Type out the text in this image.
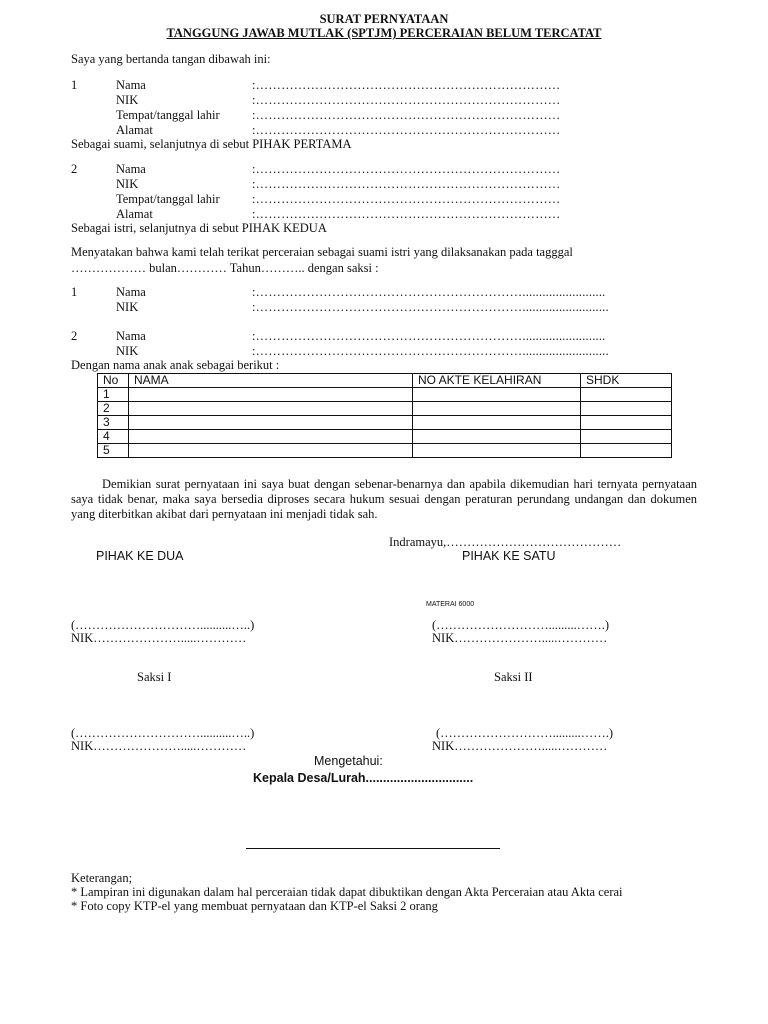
SURAT PERNYATAAN
TANGGUNG JAWAB MUTLAK (SPTJM) PERCERAIAN BELUM TERCATAT
Saya yang bertanda tangan dibawah ini:
1	Nama	:………………………………………………………………
NIK	:………………………………………………………………
Tempat/tanggal lahir	:………………………………………………………………
Alamat	:………………………………………………………………
Sebagai suami, selanjutnya di sebut PIHAK PERTAMA
2	Nama	:………………………………………………………………
NIK	:………………………………………………………………
Tempat/tanggal lahir	:………………………………………………………………
Alamat	:………………………………………………………………
Sebagai istri, selanjutnya di sebut PIHAK KEDUA
Menyatakan bahwa kami telah terikat perceraian sebagai suami istri yang dilaksanakan pada tagggal
……………… bulan………… Tahun……….. dengan saksi :
1	Nama	:……………………………………………………….........................
NIK	:………………………………………………………..........................
2	Nama	:……………………………………………………….........................
NIK	:………………………………………………………..........................
Dengan nama anak anak sebagai berikut :
No	NAMA	NO AKTE KELAHIRAN	SHDK
1			
2			
3			
4			
5			
Demikian surat pernyataan ini saya buat dengan sebenar-benarnya dan apabila dikemudian hari ternyata pernyataan saya tidak benar, maka saya bersedia diproses secara hukum sesuai dengan peraturan perundang undangan dan dokumen yang diterbitkan akibat dari pernyataan ini menjadi tidak sah.
Indramayu,……………………………………
PIHAK KE DUA	PIHAK KE SATU
MATERAI 6000
(…………………………..........…..)	(……………………….........…….)
NIK………………….....…………	NIK………………….....…………
Saksi I	Saksi II
(…………………………..........…..)	(……………………….........…….)
NIK………………….....…………	NIK………………….....…………
Mengetahui:
Kepala Desa/Lurah...............................
Keterangan;
* Lampiran ini digunakan dalam hal perceraian tidak dapat dibuktikan dengan Akta Perceraian atau Akta cerai
* Foto copy KTP-el yang membuat pernyataan dan KTP-el Saksi 2 orang
